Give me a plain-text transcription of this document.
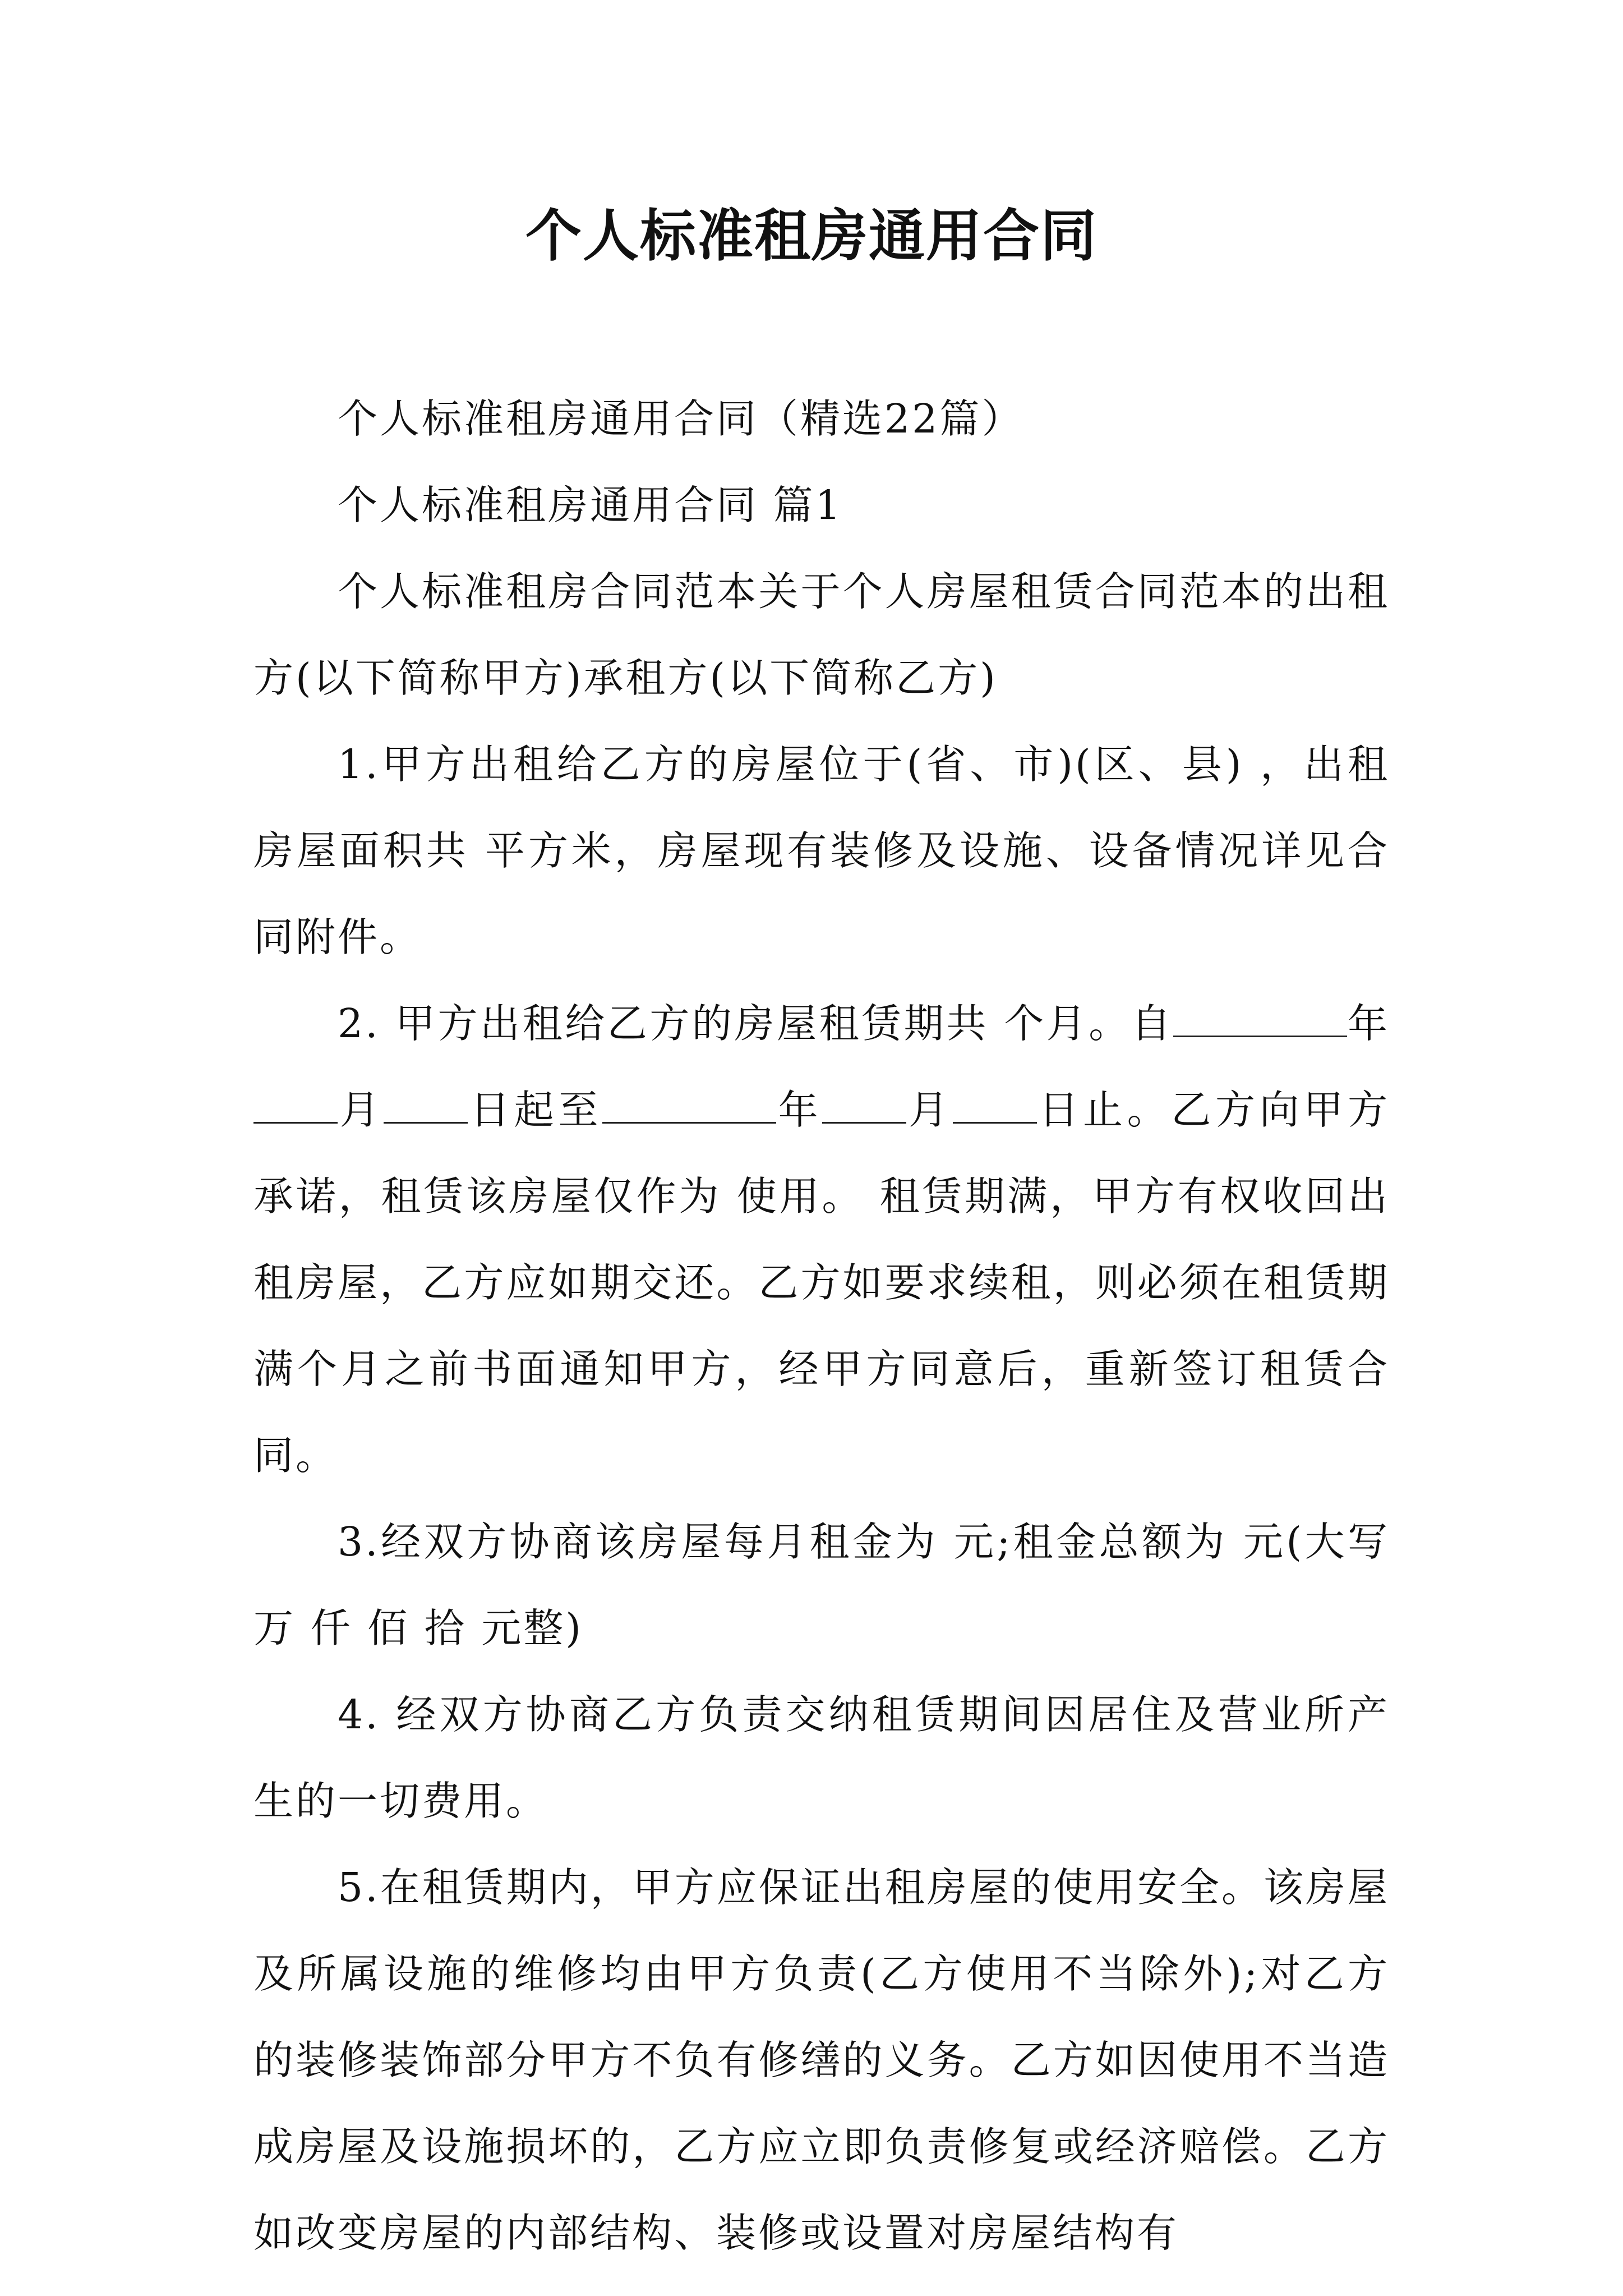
个人标准租房通用合同

个人标准租房通用合同（精选22篇）

个人标准租房通用合同 篇1

个人标准租房合同范本关于个人房屋租赁合同范本的出租方(以下简称甲方)承租方(以下简称乙方)

1.甲方出租给乙方的房屋位于(省、市)(区、县) ，出租房屋面积共 平方米，房屋现有装修及设施、设备情况详见合同附件。

2. 甲方出租给乙方的房屋租赁期共 个月。自	年月 日起至	年 月 日止。乙方向甲方承诺，租赁该房屋仅作为 使用。 租赁期满，甲方有权收回出租房屋，乙方应如期交还。乙方如要求续租，则必须在租赁期满个月之前书面通知甲方，经甲方同意后，重新签订租赁合同。

3.经双方协商该房屋每月租金为 元;租金总额为 元(大写 万 仟 佰 拾 元整)

4. 经双方协商乙方负责交纳租赁期间因居住及营业所产生的一切费用。

5.在租赁期内，甲方应保证出租房屋的使用安全。该房屋及所属设施的维修均由甲方负责(乙方使用不当除外);对乙方的装修装饰部分甲方不负有修缮的义务。乙方如因使用不当造成房屋及设施损坏的，乙方应立即负责修复或经济赔偿。乙方如改变房屋的内部结构、装修或设置对房屋结构有
